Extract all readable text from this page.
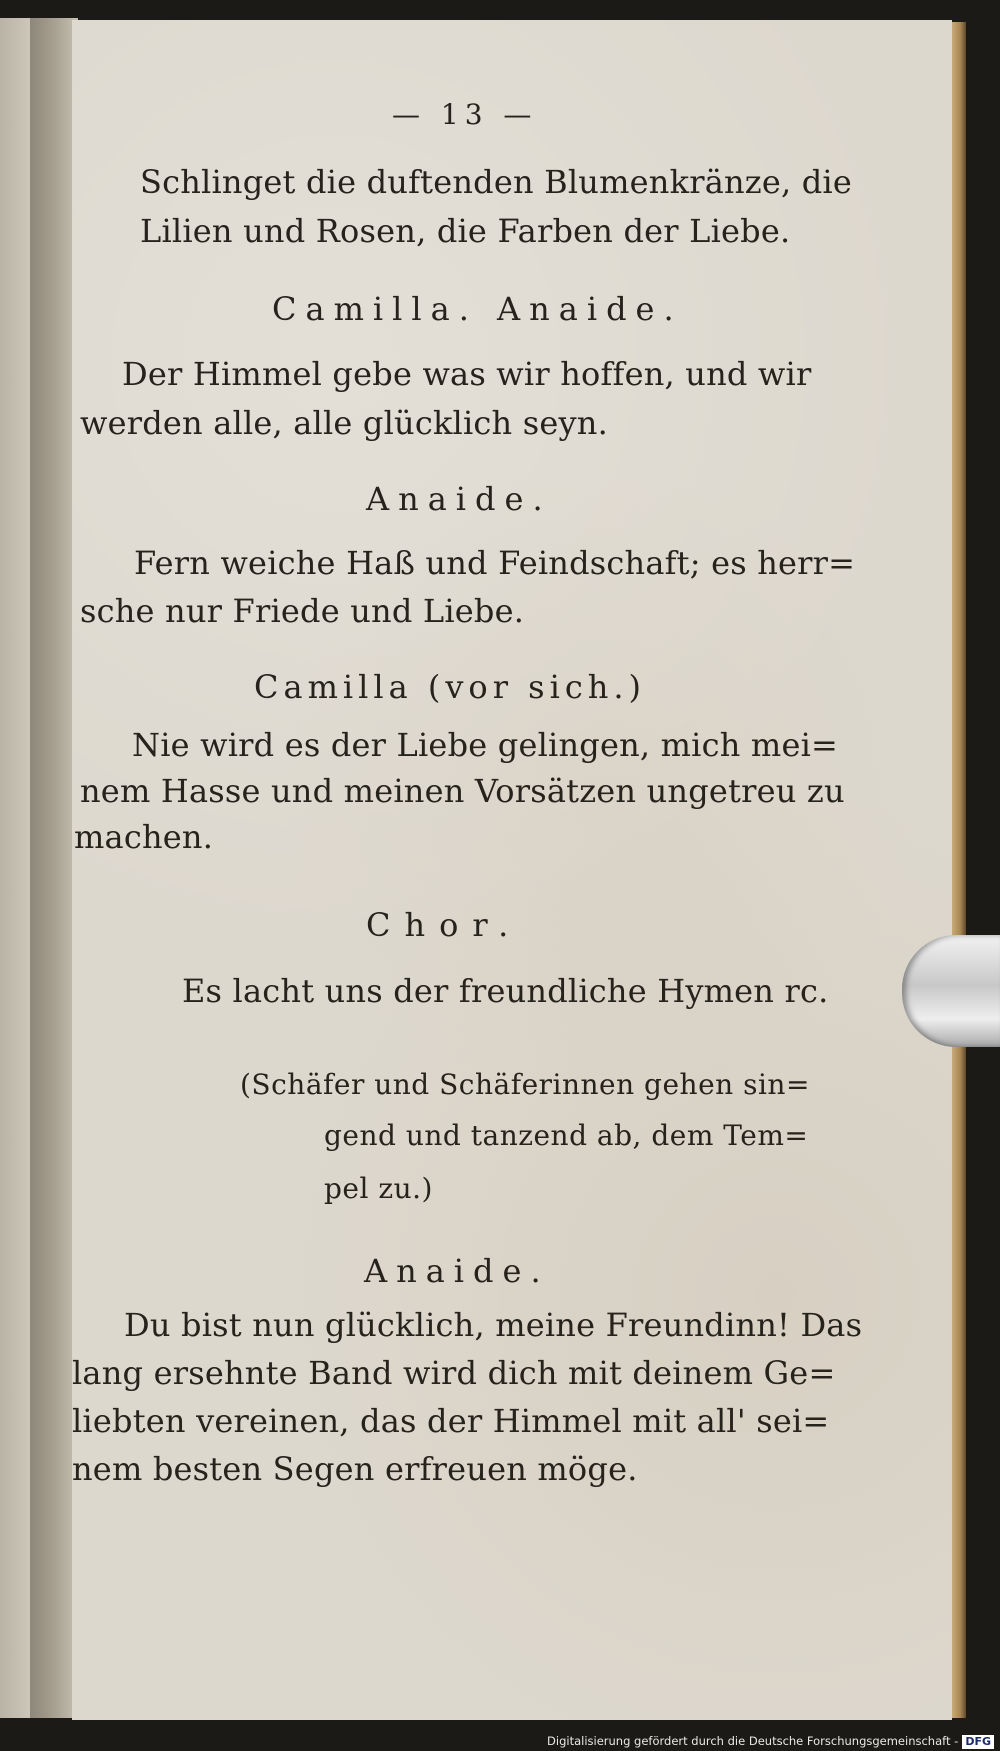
— 13 —
Schlinget die duftenden Blumenkränze, die
Lilien und Rosen, die Farben der Liebe.
Camilla. Anaide.
Der Himmel gebe was wir hoffen, und wir
werden alle, alle glücklich seyn.
Anaide.
Fern weiche Haß und Feindschaft; es herr=
sche nur Friede und Liebe.
Camilla (vor sich.)
Nie wird es der Liebe gelingen, mich mei=
nem Hasse und meinen Vorsätzen ungetreu zu
machen.
Chor.
Es lacht uns der freundliche Hymen rc.
(Schäfer und Schäferinnen gehen sin=
gend und tanzend ab, dem Tem=
pel zu.)
Anaide.
Du bist nun glücklich, meine Freundinn! Das
lang ersehnte Band wird dich mit deinem Ge=
liebten vereinen, das der Himmel mit all' sei=
nem besten Segen erfreuen möge.
Digitalisierung gefördert durch die Deutsche Forschungsgemeinschaft - DFG
